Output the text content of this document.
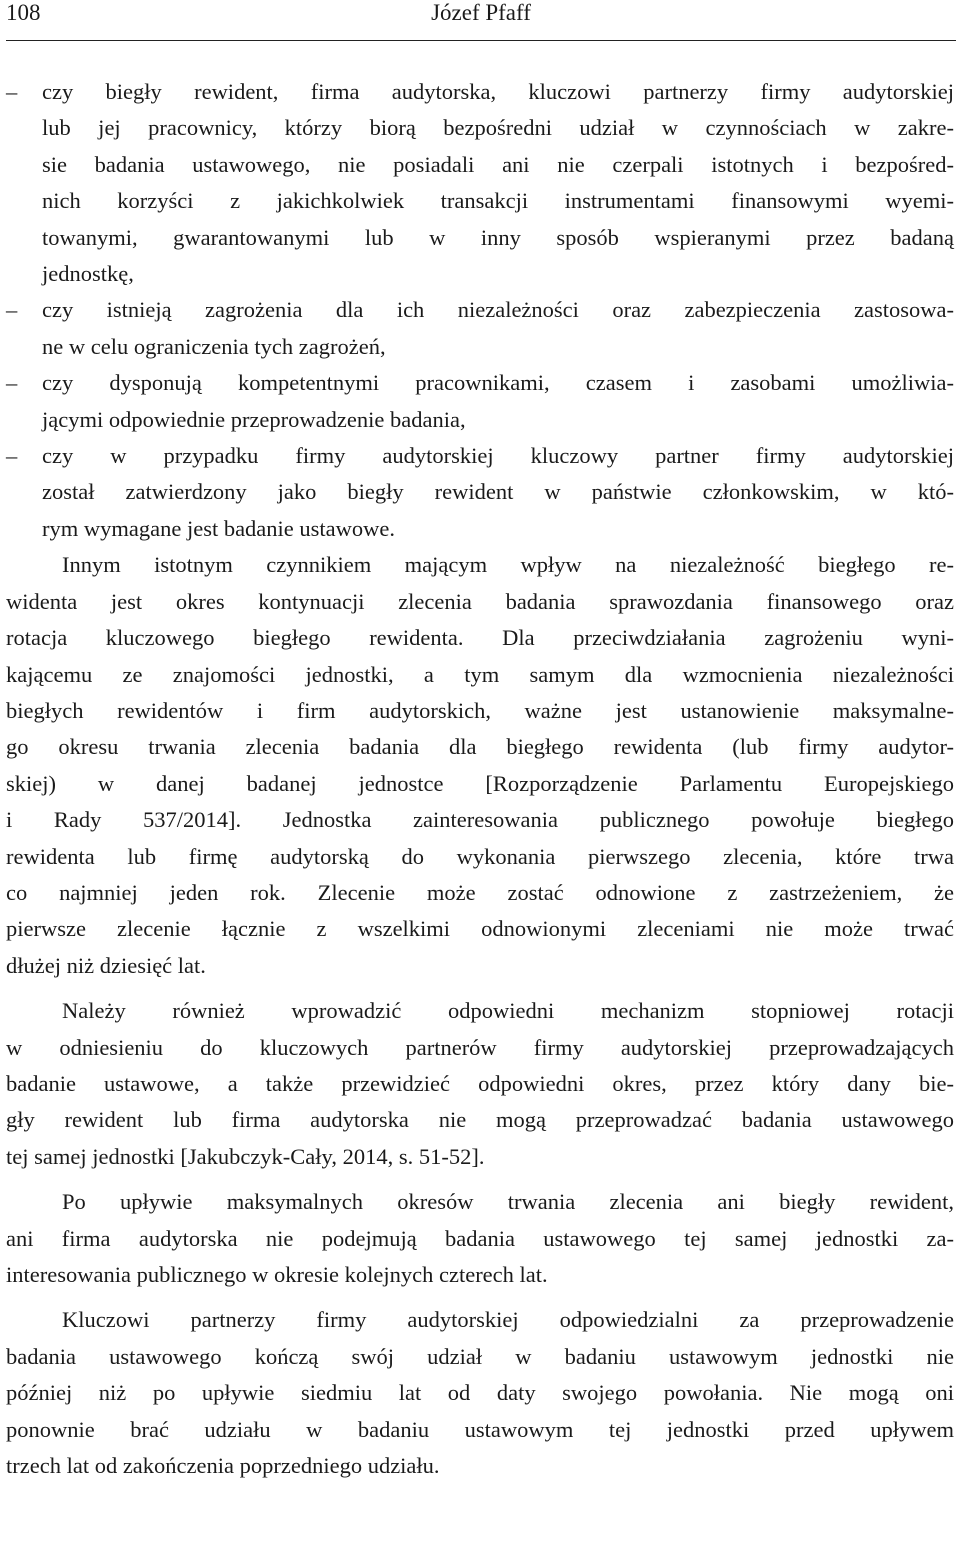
108	Józef Pfaff
–	czy biegły rewident, firma audytorska, kluczowi partnerzy firmy audytorskiej
lub jej pracownicy, którzy biorą bezpośredni udział w czynnościach w zakre-
sie badania ustawowego, nie posiadali ani nie czerpali istotnych i bezpośred-
nich korzyści z jakichkolwiek transakcji instrumentami finansowymi wyemi-
towanymi, gwarantowanymi lub w inny sposób wspieranymi przez badaną
jednostkę,
–	czy istnieją zagrożenia dla ich niezależności oraz zabezpieczenia zastosowa-
ne w celu ograniczenia tych zagrożeń,
–	czy dysponują kompetentnymi pracownikami, czasem i zasobami umożliwia-
jącymi odpowiednie przeprowadzenie badania,
–	czy w przypadku firmy audytorskiej kluczowy partner firmy audytorskiej
został zatwierdzony jako biegły rewident w państwie członkowskim, w któ-
rym wymagane jest badanie ustawowe.
Innym istotnym czynnikiem mającym wpływ na niezależność biegłego re-
widenta jest okres kontynuacji zlecenia badania sprawozdania finansowego oraz
rotacja kluczowego biegłego rewidenta. Dla przeciwdziałania zagrożeniu wyni-
kającemu ze znajomości jednostki, a tym samym dla wzmocnienia niezależności
biegłych rewidentów i firm audytorskich, ważne jest ustanowienie maksymalne-
go okresu trwania zlecenia badania dla biegłego rewidenta (lub firmy audytor-
skiej) w danej badanej jednostce [Rozporządzenie Parlamentu Europejskiego
i Rady 537/2014]. Jednostka zainteresowania publicznego powołuje biegłego
rewidenta lub firmę audytorską do wykonania pierwszego zlecenia, które trwa
co najmniej jeden rok. Zlecenie może zostać odnowione z zastrzeżeniem, że
pierwsze zlecenie łącznie z wszelkimi odnowionymi zleceniami nie może trwać
dłużej niż dziesięć lat.
Należy również wprowadzić odpowiedni mechanizm stopniowej rotacji
w odniesieniu do kluczowych partnerów firmy audytorskiej przeprowadzających
badanie ustawowe, a także przewidzieć odpowiedni okres, przez który dany bie-
gły rewident lub firma audytorska nie mogą przeprowadzać badania ustawowego
tej samej jednostki [Jakubczyk-Cały, 2014, s. 51-52].
Po upływie maksymalnych okresów trwania zlecenia ani biegły rewident,
ani firma audytorska nie podejmują badania ustawowego tej samej jednostki za-
interesowania publicznego w okresie kolejnych czterech lat.
Kluczowi partnerzy firmy audytorskiej odpowiedzialni za przeprowadzenie
badania ustawowego kończą swój udział w badaniu ustawowym jednostki nie
później niż po upływie siedmiu lat od daty swojego powołania. Nie mogą oni
ponownie brać udziału w badaniu ustawowym tej jednostki przed upływem
trzech lat od zakończenia poprzedniego udziału.
